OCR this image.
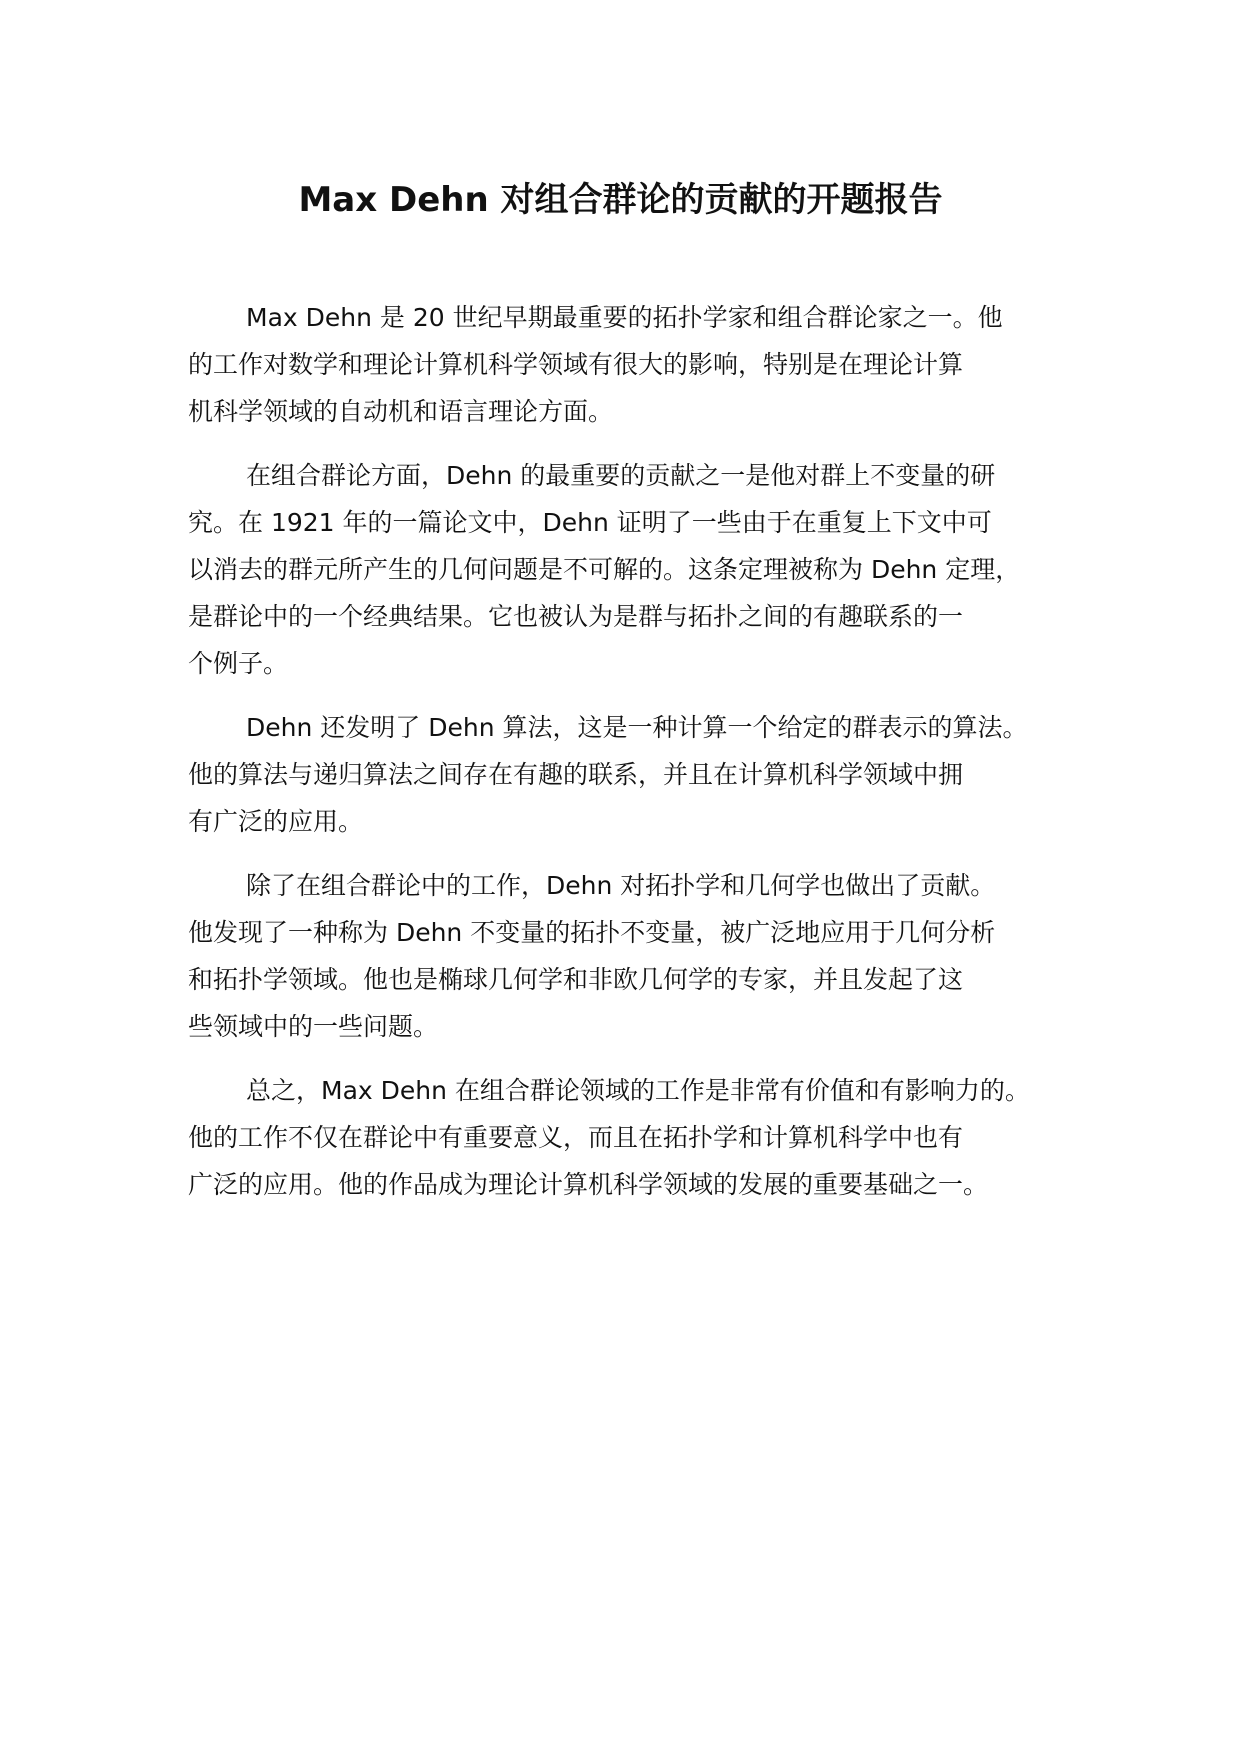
Max Dehn 对组合群论的贡献的开题报告

Max Dehn 是 20 世纪早期最重要的拓扑学家和组合群论家之一。他
的工作对数学和理论计算机科学领域有很大的影响，特别是在理论计算
机科学领域的自动机和语言理论方面。

在组合群论方面，Dehn 的最重要的贡献之一是他对群上不变量的研
究。在 1921 年的一篇论文中，Dehn 证明了一些由于在重复上下文中可
以消去的群元所产生的几何问题是不可解的。这条定理被称为 Dehn 定理，
是群论中的一个经典结果。它也被认为是群与拓扑之间的有趣联系的一
个例子。

Dehn 还发明了 Dehn 算法，这是一种计算一个给定的群表示的算法。
他的算法与递归算法之间存在有趣的联系，并且在计算机科学领域中拥
有广泛的应用。

除了在组合群论中的工作，Dehn 对拓扑学和几何学也做出了贡献。
他发现了一种称为 Dehn 不变量的拓扑不变量，被广泛地应用于几何分析
和拓扑学领域。他也是椭球几何学和非欧几何学的专家，并且发起了这
些领域中的一些问题。

总之，Max Dehn 在组合群论领域的工作是非常有价值和有影响力的。
他的工作不仅在群论中有重要意义，而且在拓扑学和计算机科学中也有
广泛的应用。他的作品成为理论计算机科学领域的发展的重要基础之一。
